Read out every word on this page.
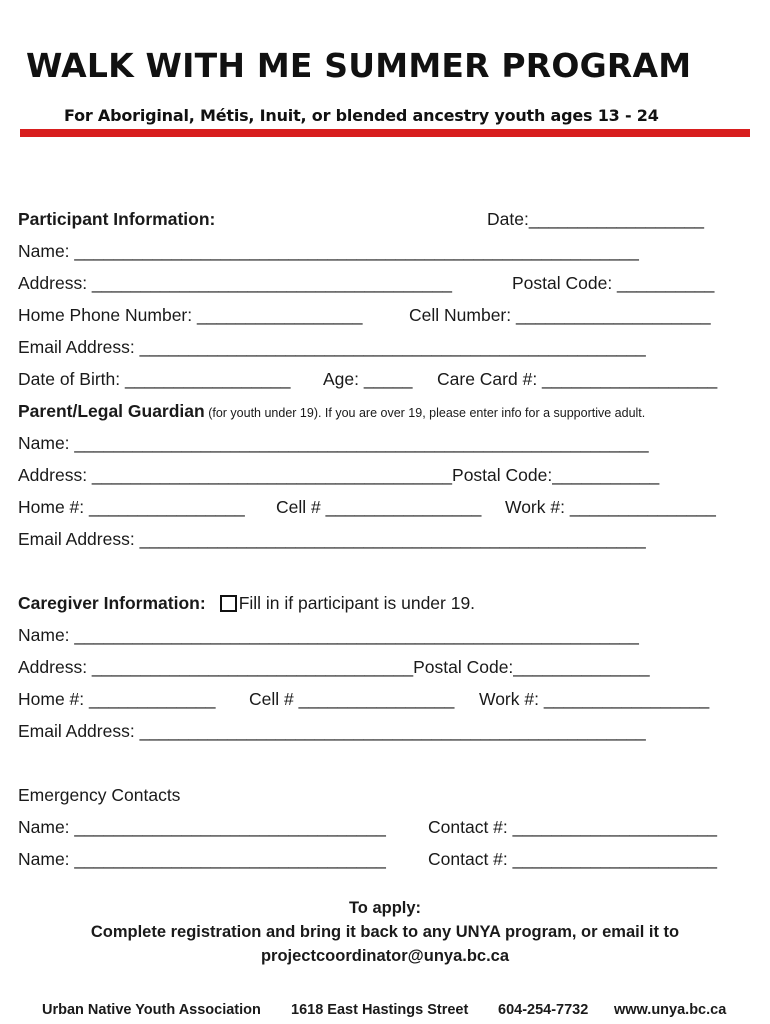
WALK WITH ME SUMMER PROGRAM
For Aboriginal, Métis, Inuit, or blended ancestry youth ages 13 - 24
Participant Information:	Date:__________________
Name: __________________________________________________________
Address: _____________________________________	Postal Code: __________
Home Phone Number: _________________	Cell Number: ____________________
Email Address: ____________________________________________________
Date of Birth: _________________ Age: _____ Care Card #: __________________
Parent/Legal Guardian (for youth under 19). If you are over 19, please enter info for a supportive adult.
Name: ___________________________________________________________
Address: _____________________________________Postal Code:___________
Home #: ________________ Cell # ________________ Work #: _______________
Email Address: ____________________________________________________
Caregiver Information: Fill in if participant is under 19.
Name: __________________________________________________________
Address: _________________________________Postal Code:______________
Home #: _____________ Cell # ________________ Work #: _________________
Email Address: ____________________________________________________
Emergency Contacts
Name: ________________________________ Contact #: _____________________
Name: ________________________________ Contact #: _____________________
To apply:
Complete registration and bring it back to any UNYA program, or email it to
projectcoordinator@unya.bc.ca
Urban Native Youth Association 1618 East Hastings Street 604-254-7732 www.unya.bc.ca
